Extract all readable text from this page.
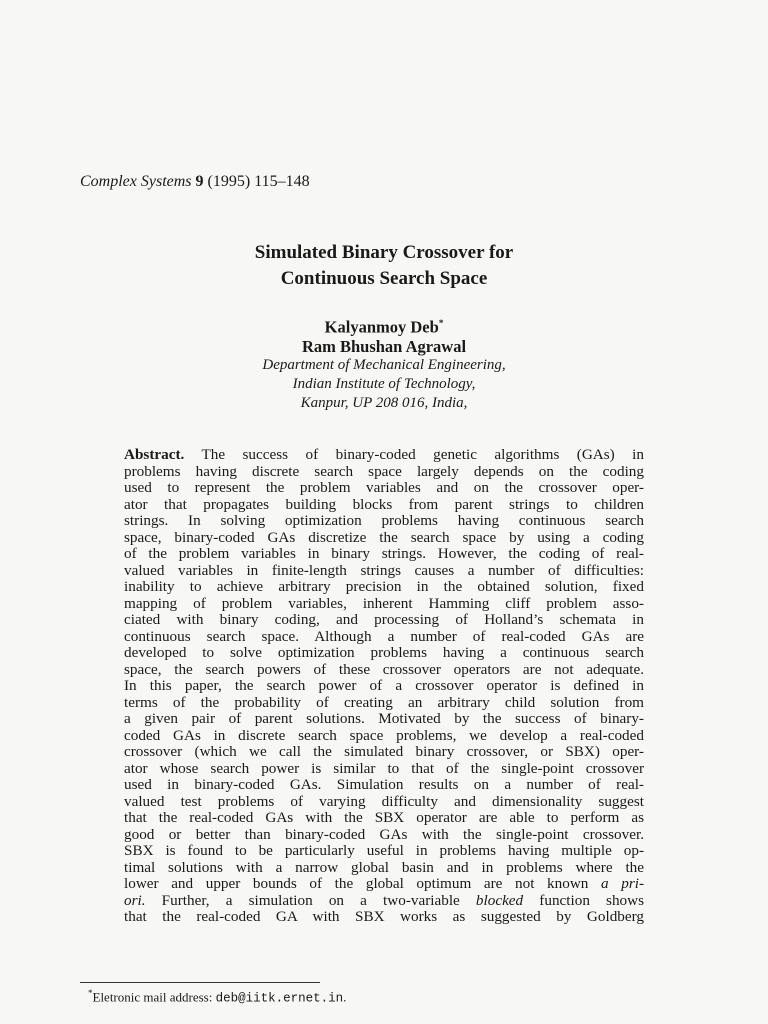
Complex Systems 9 (1995) 115–148
Simulated Binary Crossover for
Continuous Search Space
Kalyanmoy Deb*
Ram Bhushan Agrawal
Department of Mechanical Engineering,
Indian Institute of Technology,
Kanpur, UP 208 016, India,
Abstract. The success of binary-coded genetic algorithms (GAs) in
problems having discrete search space largely depends on the coding
used to represent the problem variables and on the crossover oper-
ator that propagates building blocks from parent strings to children
strings. In solving optimization problems having continuous search
space, binary-coded GAs discretize the search space by using a coding
of the problem variables in binary strings. However, the coding of real-
valued variables in finite-length strings causes a number of difficulties:
inability to achieve arbitrary precision in the obtained solution, fixed
mapping of problem variables, inherent Hamming cliff problem asso-
ciated with binary coding, and processing of Holland’s schemata in
continuous search space. Although a number of real-coded GAs are
developed to solve optimization problems having a continuous search
space, the search powers of these crossover operators are not adequate.
In this paper, the search power of a crossover operator is defined in
terms of the probability of creating an arbitrary child solution from
a given pair of parent solutions. Motivated by the success of binary-
coded GAs in discrete search space problems, we develop a real-coded
crossover (which we call the simulated binary crossover, or SBX) oper-
ator whose search power is similar to that of the single-point crossover
used in binary-coded GAs. Simulation results on a number of real-
valued test problems of varying difficulty and dimensionality suggest
that the real-coded GAs with the SBX operator are able to perform as
good or better than binary-coded GAs with the single-point crossover.
SBX is found to be particularly useful in problems having multiple op-
timal solutions with a narrow global basin and in problems where the
lower and upper bounds of the global optimum are not known a pri-
ori. Further, a simulation on a two-variable blocked function shows
that the real-coded GA with SBX works as suggested by Goldberg
*Eletronic mail address: deb@iitk.ernet.in.
